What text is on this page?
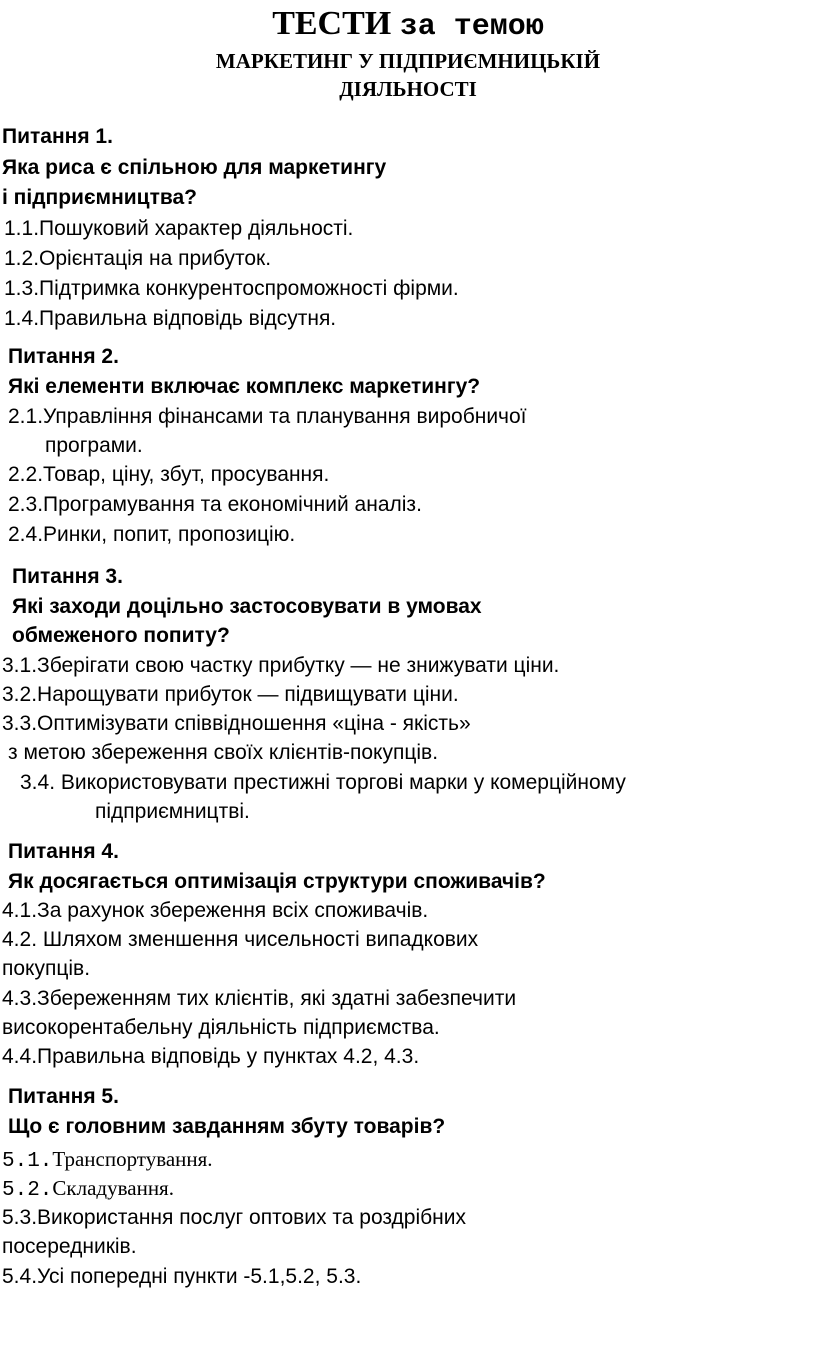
ТЕСТИ за темою
МАРКЕТИНГ У ПІДПРИЄМНИЦЬКІЙ
ДІЯЛЬНОСТІ
Питання 1.
Яка риса є спільною для маркетингу
і підприємництва?
1.1.Пошуковий характер діяльності.
1.2.Орієнтація на прибуток.
1.3.Підтримка конкурентоспроможності фірми.
1.4.Правильна відповідь відсутня.
Питання 2.
Які елементи включає комплекс маркетингу?
2.1.Управління фінансами та планування виробничої
програми.
2.2.Товар, ціну, збут, просування.
2.3.Програмування та економічний аналіз.
2.4.Ринки, попит, пропозицію.
Питання 3.
Які заходи доцільно застосовувати в умовах
обмеженого попиту?
3.1.Зберігати свою частку прибутку — не знижувати ціни.
3.2.Нарощувати прибуток — підвищувати ціни.
3.3.Оптимізувати співвідношення «ціна - якість»
з метою збереження своїх клієнтів-покупців.
3.4. Використовувати престижні торгові марки у комерційному
підприємництві.
Питання 4.
Як досягається оптимізація структури споживачів?
4.1.За рахунок збереження всіх споживачів.
4.2. Шляхом зменшення чисельності випадкових
покупців.
4.3.Збереженням тих клієнтів, які здатні забезпечити
високорентабельну діяльність підприємства.
4.4.Правильна відповідь у пунктах 4.2, 4.3.
Питання 5.
Що є головним завданням збуту товарів?
5.1.Транспортування.
5.2.Складування.
5.3.Використання послуг оптових та роздрібних
посередників.
5.4.Усі попередні пункти -5.1,5.2, 5.3.
